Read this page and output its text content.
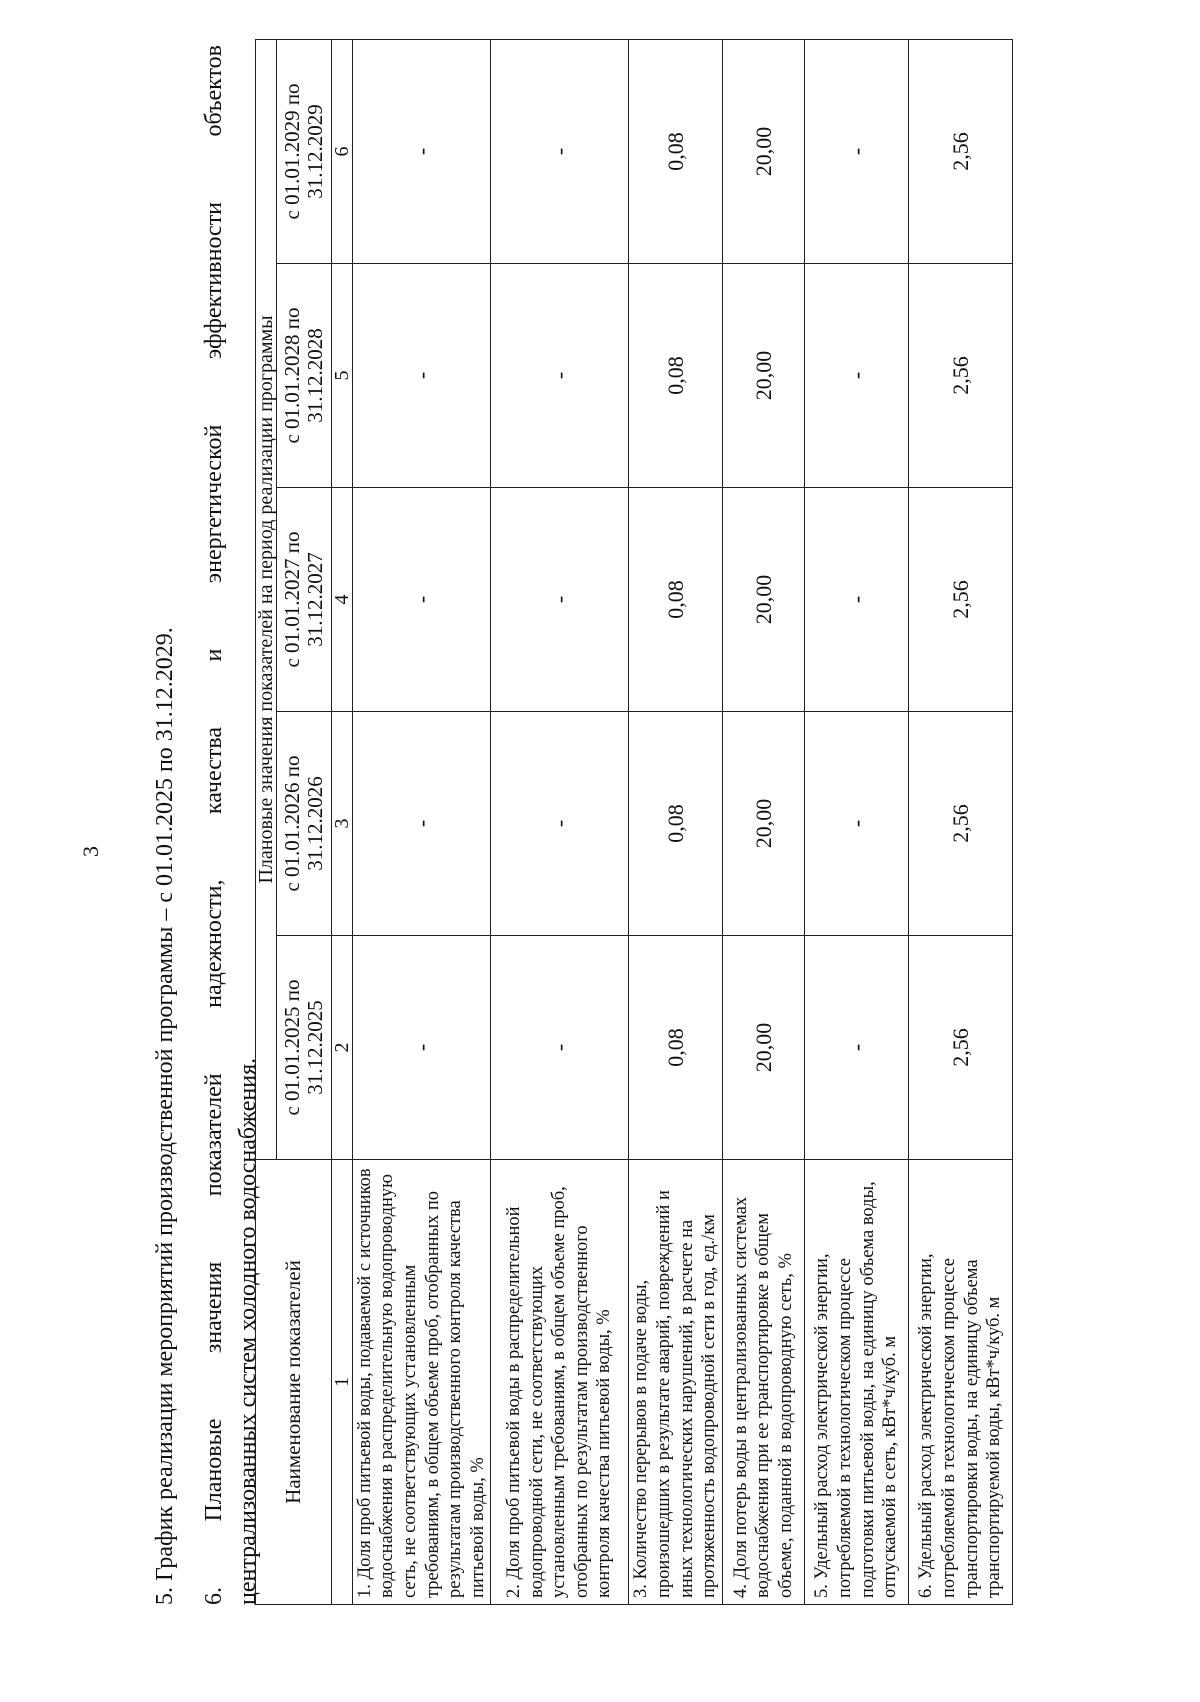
3 5. График реализации мероприятий производственной программы – с 01.01.2025 по 31.12.2029. 6. Плановые значения показателей надежности, качества и энергетической эффективности объектов централизованных систем холодного водоснабжения. Наименование показателей	Плановые значения показателей на период реализации программы				
	с 01.01.2025 по 31.12.2025	с 01.01.2026 по 31.12.2026	с 01.01.2027 по 31.12.2027	с 01.01.2028 по 31.12.2028	с 01.01.2029 по 31.12.2029
1	2	3	4	5	6
1. Доля проб питьевой воды, подаваемой с источников водоснабжения в распределительную водопроводную сеть, не соответствующих установленным требованиям, в общем объеме проб, отобранных по результатам производственного контроля качества питьевой воды, %	-	-	-	-	-
2. Доля проб питьевой воды в распределительной водопроводной сети, не соответствующих установленным требованиям, в общем объеме проб, отобранных по результатам производственного контроля качества питьевой воды, %	-	-	-	-	-
3. Количество перерывов в подаче воды, произошедших в результате аварий, повреждений и иных технологических нарушений, в расчете на протяженность водопроводной сети в год, ед./км	0,08	0,08	0,08	0,08	0,08
4. Доля потерь воды в централизованных системах водоснабжения при ее транспортировке в общем объеме, поданной в водопроводную сеть, %	20,00	20,00	20,00	20,00	20,00
5. Удельный расход электрической энергии, потребляемой в технологическом процессе подготовки питьевой воды, на единицу объема воды, отпускаемой в сеть, кВт*ч/куб. м	-	-	-	-	-
6. Удельный расход электрической энергии, потребляемой в технологическом процессе транспортировки воды, на единицу объема транспортируемой воды, кВт*ч/куб. м	2,56	2,56	2,56	2,56	2,56
